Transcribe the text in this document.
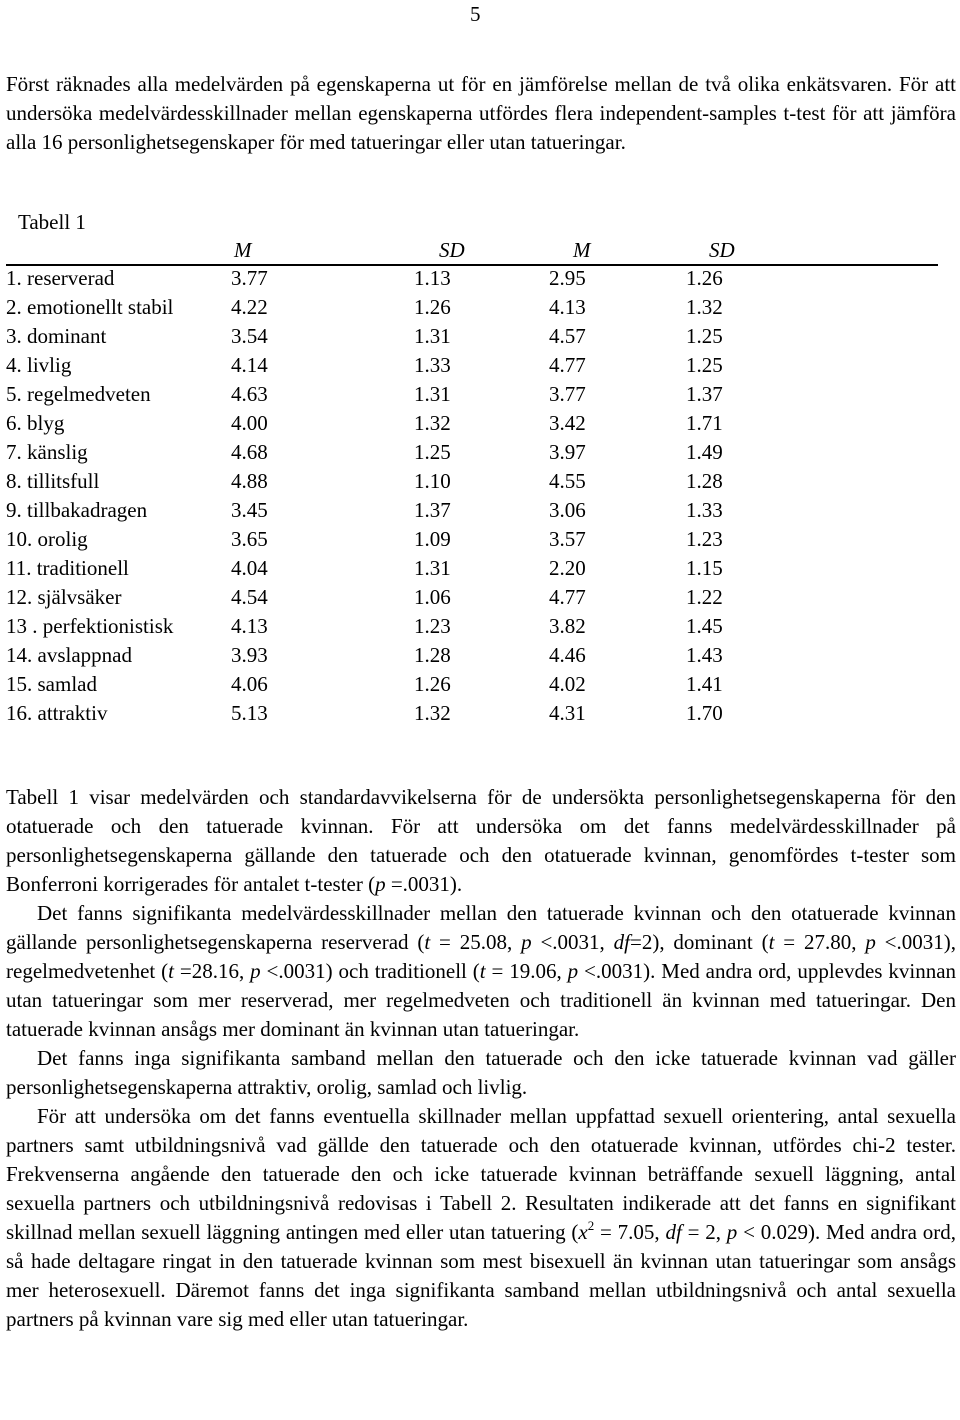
5

Först räknades alla medelvärden på egenskaperna ut för en jämförelse mellan de två olika enkätsvaren. För att undersöka medelvärdesskillnader mellan egenskaperna utfördes flera independent-samples t-test för att jämföra alla 16 personlighetsegenskaper för med tatueringar eller utan tatueringar.

Tabell 1
M	SD	M	SD
1. reserverad	3.77	1.13	2.95	1.26
2. emotionellt stabil	4.22	1.26	4.13	1.32
3. dominant	3.54	1.31	4.57	1.25
4. livlig	4.14	1.33	4.77	1.25
5. regelmedveten	4.63	1.31	3.77	1.37
6. blyg	4.00	1.32	3.42	1.71
7. känslig	4.68	1.25	3.97	1.49
8. tillitsfull	4.88	1.10	4.55	1.28
9. tillbakadragen	3.45	1.37	3.06	1.33
10. orolig	3.65	1.09	3.57	1.23
11. traditionell	4.04	1.31	2.20	1.15
12. självsäker	4.54	1.06	4.77	1.22
13 . perfektionistisk	4.13	1.23	3.82	1.45
14. avslappnad	3.93	1.28	4.46	1.43
15. samlad	4.06	1.26	4.02	1.41
16. attraktiv	5.13	1.32	4.31	1.70

Tabell 1 visar medelvärden och standardavvikelserna för de undersökta personlighetsegenskaperna för den otatuerade och den tatuerade kvinnan. För att undersöka om det fanns medelvärdesskillnader på personlighetsegenskaperna gällande den tatuerade och den otatuerade kvinnan, genomfördes t-tester som Bonferroni korrigerades för antalet t-tester (p =.0031).

Det fanns signifikanta medelvärdesskillnader mellan den tatuerade kvinnan och den otatuerade kvinnan gällande personlighetsegenskaperna reserverad (t = 25.08, p <.0031, df=2), dominant (t = 27.80, p <.0031), regelmedvetenhet (t =28.16, p <.0031) och traditionell (t = 19.06, p <.0031). Med andra ord, upplevdes kvinnan utan tatueringar som mer reserverad, mer regelmedveten och traditionell än kvinnan med tatueringar. Den tatuerade kvinnan ansågs mer dominant än kvinnan utan tatueringar.

Det fanns inga signifikanta samband mellan den tatuerade och den icke tatuerade kvinnan vad gäller personlighetsegenskaperna attraktiv, orolig, samlad och livlig.

För att undersöka om det fanns eventuella skillnader mellan uppfattad sexuell orientering, antal sexuella partners samt utbildningsnivå vad gällde den tatuerade och den otatuerade kvinnan, utfördes chi-2 tester. Frekvenserna angående den tatuerade den och icke tatuerade kvinnan beträffande sexuell läggning, antal sexuella partners och utbildningsnivå redovisas i Tabell 2. Resultaten indikerade att det fanns en signifikant skillnad mellan sexuell läggning antingen med eller utan tatuering ($x^2 = 7.05$, df = 2, p < 0.029). Med andra ord, så hade deltagare ringat in den tatuerade kvinnan som mest bisexuell än kvinnan utan tatueringar som ansågs mer heterosexuell. Däremot fanns det inga signifikanta samband mellan utbildningsnivå och antal sexuella partners på kvinnan vare sig med eller utan tatueringar.
